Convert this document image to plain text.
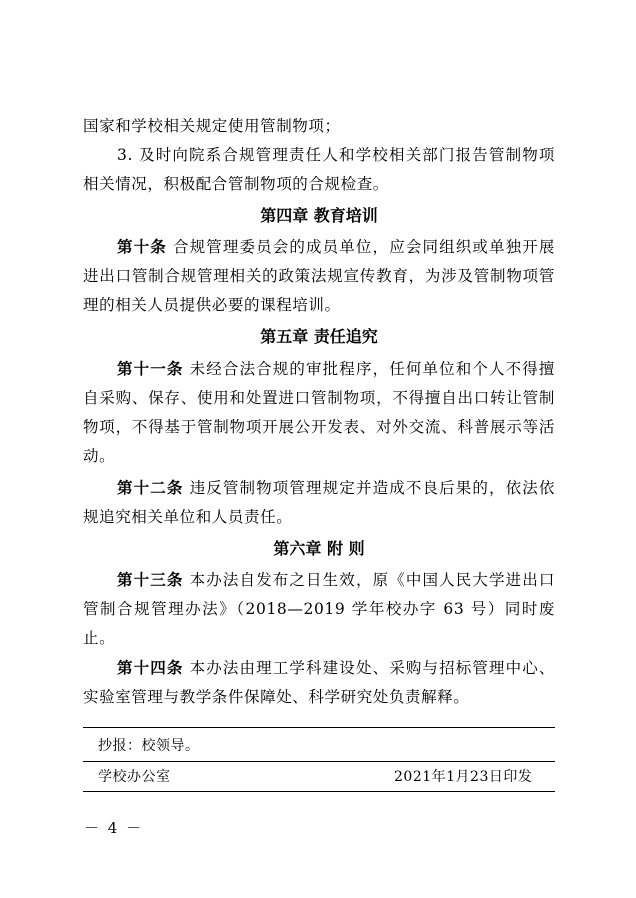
国家和学校相关规定使用管制物项；

3. 及时向院系合规管理责任人和学校相关部门报告管制物项相关情况，积极配合管制物项的合规检查。

第四章 教育培训

第十条 合规管理委员会的成员单位，应会同组织或单独开展进出口管制合规管理相关的政策法规宣传教育，为涉及管制物项管理的相关人员提供必要的课程培训。

第五章 责任追究

第十一条 未经合法合规的审批程序，任何单位和个人不得擅自采购、保存、使用和处置进口管制物项，不得擅自出口转让管制物项，不得基于管制物项开展公开发表、对外交流、科普展示等活动。

第十二条 违反管制物项管理规定并造成不良后果的，依法依规追究相关单位和人员责任。

第六章 附 则

第十三条 本办法自发布之日生效，原《中国人民大学进出口管制合规管理办法》（2018—2019 学年校办字 63 号）同时废止。

第十四条 本办法由理工学科建设处、采购与招标管理中心、实验室管理与教学条件保障处、科学研究处负责解释。

抄报：校领导。
学校办公室	2021年1月23日印发
－ 4 －
